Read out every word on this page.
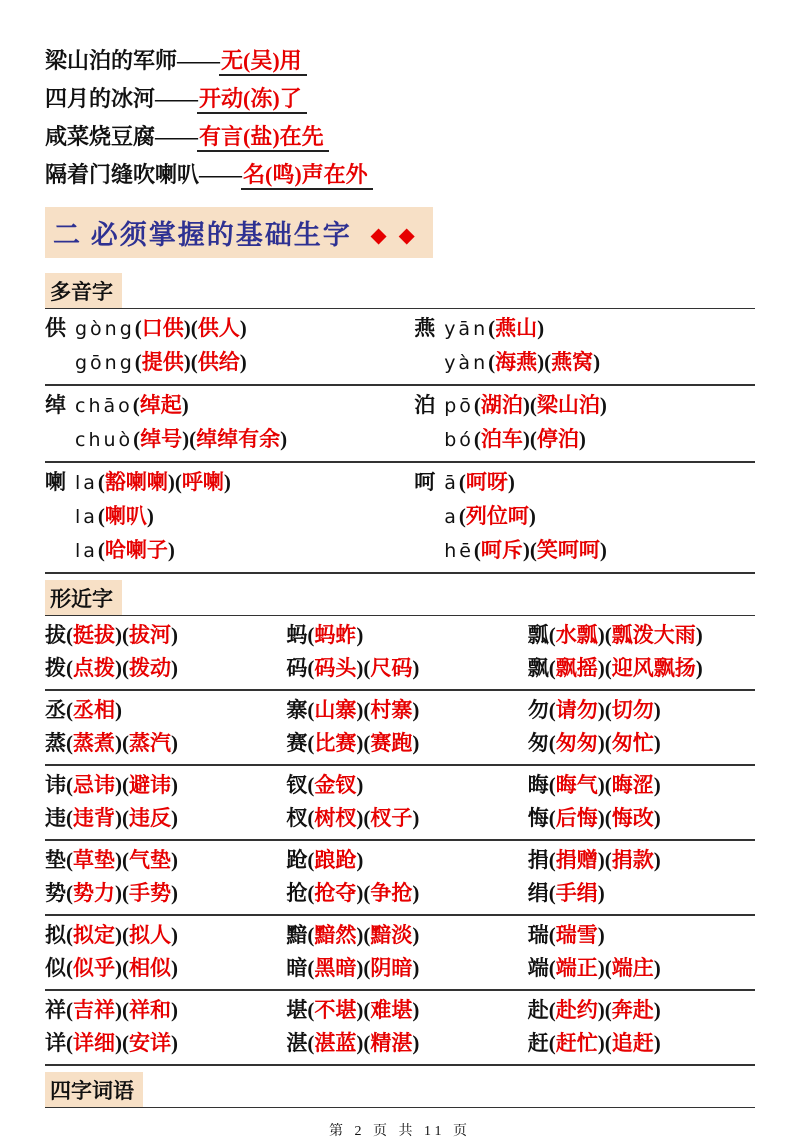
梁山泊的军师——无(吴)用
四月的冰河——开动(冻)了
咸菜烧豆腐——有言(盐)在先
隔着门缝吹喇叭——名(鸣)声在外
二 必须掌握的基础生字 ◆ ◆
多音字
供 gòng(口供)(供人)
gōng(提供)(供给)
燕 yān(燕山)
yàn(海燕)(燕窝)
绰 chāo(绰起)
chuò(绰号)(绰绰有余)
泊 pō(湖泊)(梁山泊)
bó(泊车)(停泊)
喇 la(豁喇喇)(呼喇)
la(喇叭)
la(哈喇子)
呵 ā(呵呀)
a(列位呵)
hē(呵斥)(笑呵呵)
形近字
拔(挺拔)(拔河)
拨(点拨)(拨动)
蚂(蚂蚱)
码(码头)(尺码)
瓢(水瓢)(瓢泼大雨)
飘(飘摇)(迎风飘扬)
丞(丞相)
蒸(蒸煮)(蒸汽)
寨(山寨)(村寨)
赛(比赛)(赛跑)
勿(请勿)(切勿)
匆(匆匆)(匆忙)
讳(忌讳)(避讳)
违(违背)(违反)
钗(金钗)
杈(树杈)(杈子)
晦(晦气)(晦涩)
悔(后悔)(悔改)
垫(草垫)(气垫)
势(势力)(手势)
跄(踉跄)
抢(抢夺)(争抢)
捐(捐赠)(捐款)
绢(手绢)
拟(拟定)(拟人)
似(似乎)(相似)
黯(黯然)(黯淡)
暗(黑暗)(阴暗)
瑞(瑞雪)
端(端正)(端庄)
祥(吉祥)(祥和)
详(详细)(安详)
堪(不堪)(难堪)
湛(湛蓝)(精湛)
赴(赴约)(奔赴)
赶(赶忙)(追赶)
四字词语
第 2 页 共 11 页
